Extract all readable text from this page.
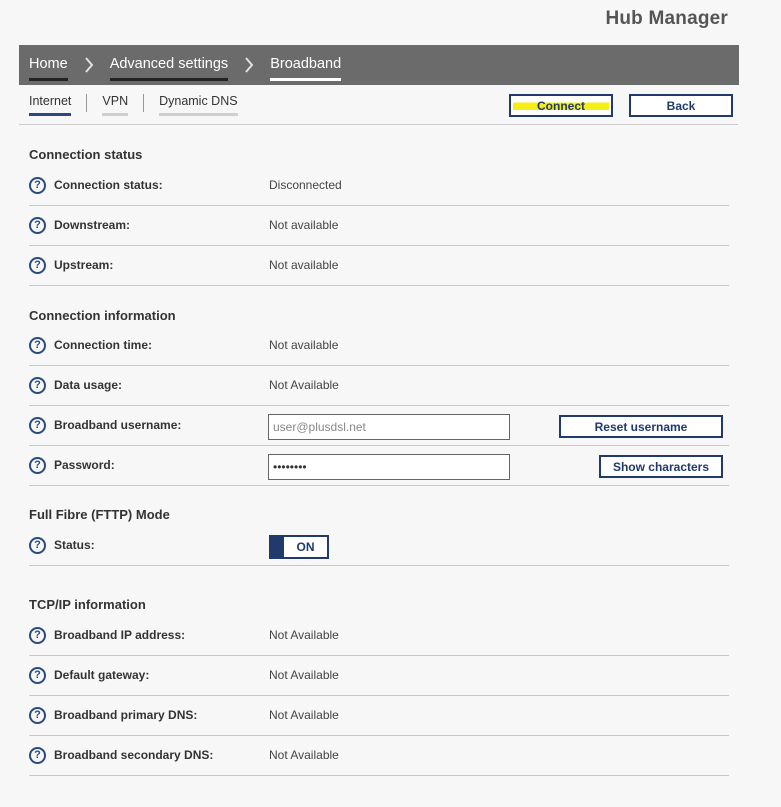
Hub Manager
Home	Advanced settings	Broadband
Internet VPN Dynamic DNS	Connect	Back
Connection status
?	Connection status:	Disconnected
?	Downstream:	Not available
?	Upstream:	Not available
Connection information
?	Connection time:	Not available
?	Data usage:	Not Available
?	Broadband username:
user@plusdsl.net	Reset username
?	Password:
••••••••	Show characters
Full Fibre (FTTP) Mode
?	Status:	ON
TCP/IP information
?	Broadband IP address:	Not Available
?	Default gateway:	Not Available
?	Broadband primary DNS:	Not Available
?	Broadband secondary DNS:	Not Available
